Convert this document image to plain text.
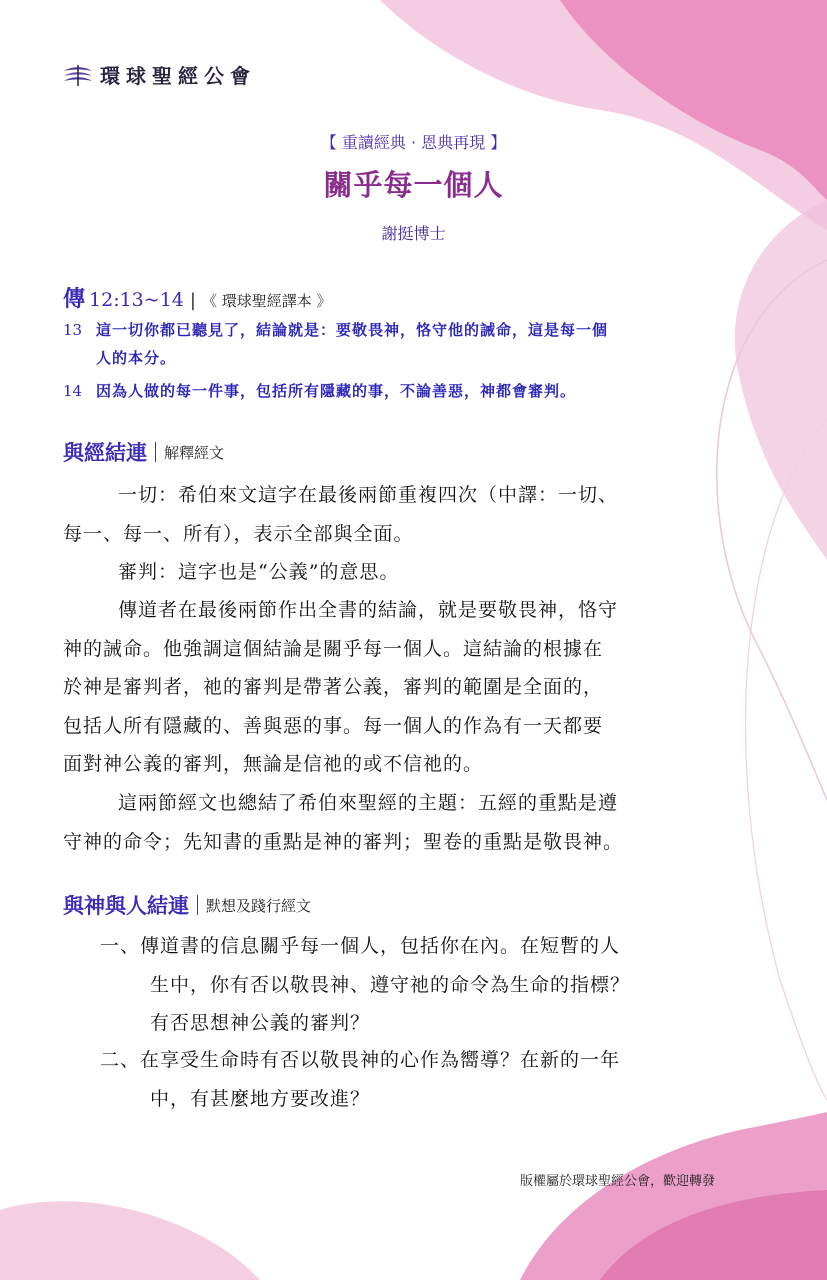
環球聖經公會
【 重讀經典 · 恩典再現 】
關乎每一個人
謝挺博士
傳 12:13~14 | 《 環球聖經譯本 》
13 這一切你都已聽見了，結論就是：要敬畏神，恪守他的誡命，這是每一個
人的本分。
14 因為人做的每一件事，包括所有隱藏的事，不論善惡，神都會審判。
與經結連 解釋經文
一切：希伯來文這字在最後兩節重複四次（中譯：一切、
每一、每一、所有），表示全部與全面。
審判：這字也是“公義”的意思。
傳道者在最後兩節作出全書的結論，就是要敬畏神，恪守
神的誡命。他強調這個結論是關乎每一個人。這結論的根據在
於神是審判者，祂的審判是帶著公義，審判的範圍是全面的，
包括人所有隱藏的、善與惡的事。每一個人的作為有一天都要
面對神公義的審判，無論是信祂的或不信祂的。
這兩節經文也總結了希伯來聖經的主題：五經的重點是遵
守神的命令；先知書的重點是神的審判；聖卷的重點是敬畏神。
與神與人結連 默想及踐行經文
一、傳道書的信息關乎每一個人，包括你在內。在短暫的人
生中，你有否以敬畏神、遵守祂的命令為生命的指標？
有否思想神公義的審判？
二、在享受生命時有否以敬畏神的心作為嚮導？在新的一年
中，有甚麼地方要改進？
版權屬於環球聖經公會，歡迎轉發
